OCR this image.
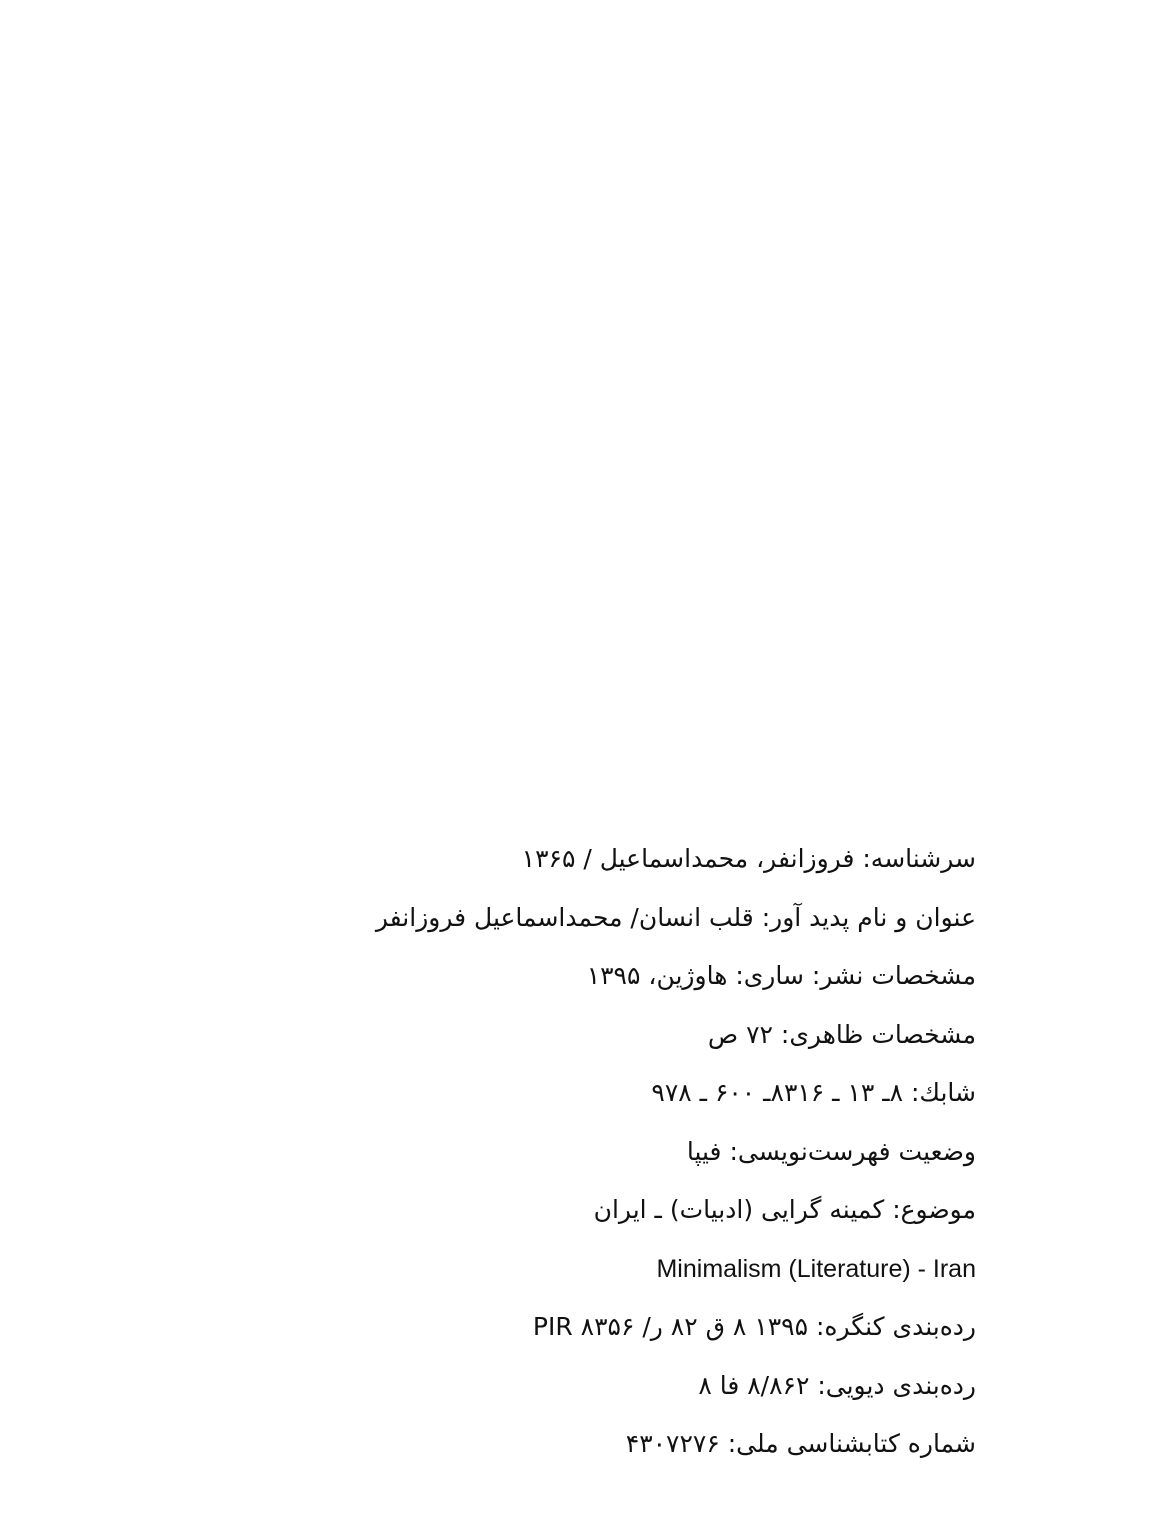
سرشناسه: فروزانفر، محمداسماعیل / ۱۳۶۵
عنوان و نام پدید آور: قلب انسان/ محمداسماعیل فروزانفر
مشخصات نشر: ساری: هاوژین، ۱۳۹۵
مشخصات ظاهری: ۷۲ ص
شابك: ۸ـ ۱۳ ـ ۸۳۱۶ـ ۶۰۰ ـ ۹۷۸
وضعیت فهرست‌نویسی: فیپا
موضوع: کمینه گرایی (ادبیات) ـ ایران
Minimalism (Literature) - Iran
رده‌بندی کنگره: ۱۳۹۵ ۸ ق ۸۲ ر/ ۸۳۵۶ PIR
رده‌بندی دیویی: ۸/۸۶۲ فا ۸
شماره کتابشناسی ملی: ۴۳۰۷۲۷۶
